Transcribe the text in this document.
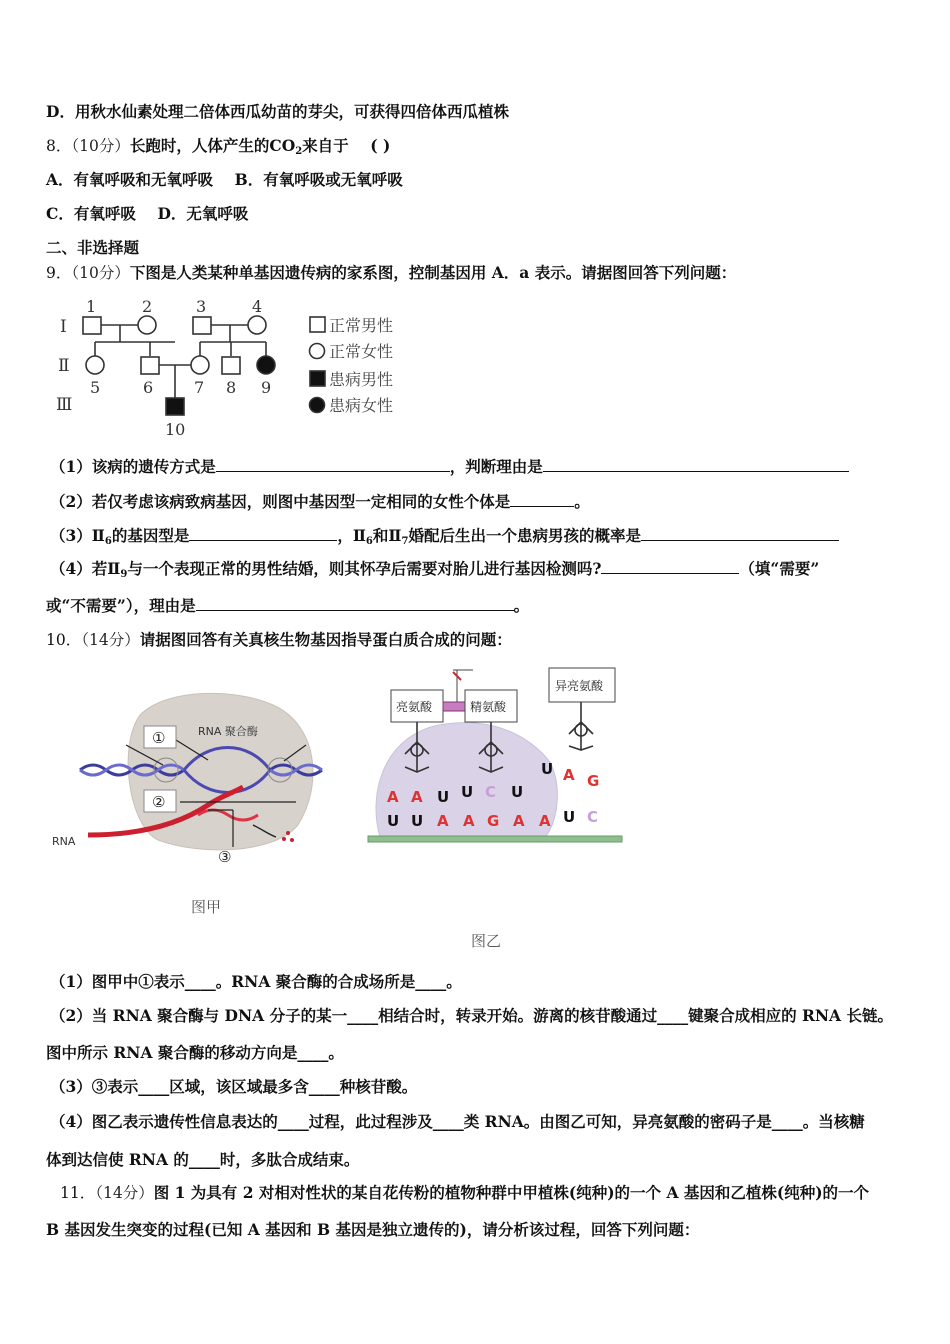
D．用秋水仙素处理二倍体西瓜幼苗的芽尖，可获得四倍体西瓜植株
8．（10分）长跑时，人体产生的$CO_2$来自于 ( )
A．有氧呼吸和无氧呼吸 B．有氧呼吸或无氧呼吸
C．有氧呼吸 D．无氧呼吸
二、非选择题
9．（10分）下图是人类某种单基因遗传病的家系图，控制基因用 A．a 表示。请据图回答下列问题：
Ⅰ
Ⅱ
Ⅲ
1	2	3	4
5	6	7 8 9
10
正常男性
正常女性
患病男性
患病女性
（1）该病的遗传方式是	，判断理由是
（2）若仅考虑该病致病基因，则图中基因型一定相同的女性个体是	。
$(3)Ⅱ_6$的基因型是	，$Ⅱ_6$和$Ⅱ_7$婚配后生出一个患病男孩的概率是
（4）若$Ⅱ_9$与一个表现正常的男性结婚，则其怀孕后需要对胎儿进行基因检测吗?	（填“需要”
或“不需要”），理由是	。
10．（14分）请据图回答有关真核生物基因指导蛋白质合成的问题：
①
②
③
RNA 聚合酶
RNA
图甲
亮氨酸	精氨酸
异亮氨酸
A A U U C U
U A G
U U A A G A A U C
图乙
（1）图甲中①表示____。RNA 聚合酶的合成场所是____。
（2）当 RNA 聚合酶与 DNA 分子的某一____相结合时，转录开始。游离的核苷酸通过____键聚合成相应的 RNA 长链。
图中所示 RNA 聚合酶的移动方向是____。
（3）③表示____区域，该区域最多含____种核苷酸。
（4）图乙表示遗传性信息表达的____过程，此过程涉及____类 RNA。由图乙可知，异亮氨酸的密码子是____。当核糖
体到达信使 RNA 的____时，多肽合成结束。
11．（14分）图 1 为具有 2 对相对性状的某自花传粉的植物种群中甲植株(纯种)的一个 A 基因和乙植株(纯种)的一个
B 基因发生突变的过程(已知 A 基因和 B 基因是独立遗传的)，请分析该过程，回答下列问题：
